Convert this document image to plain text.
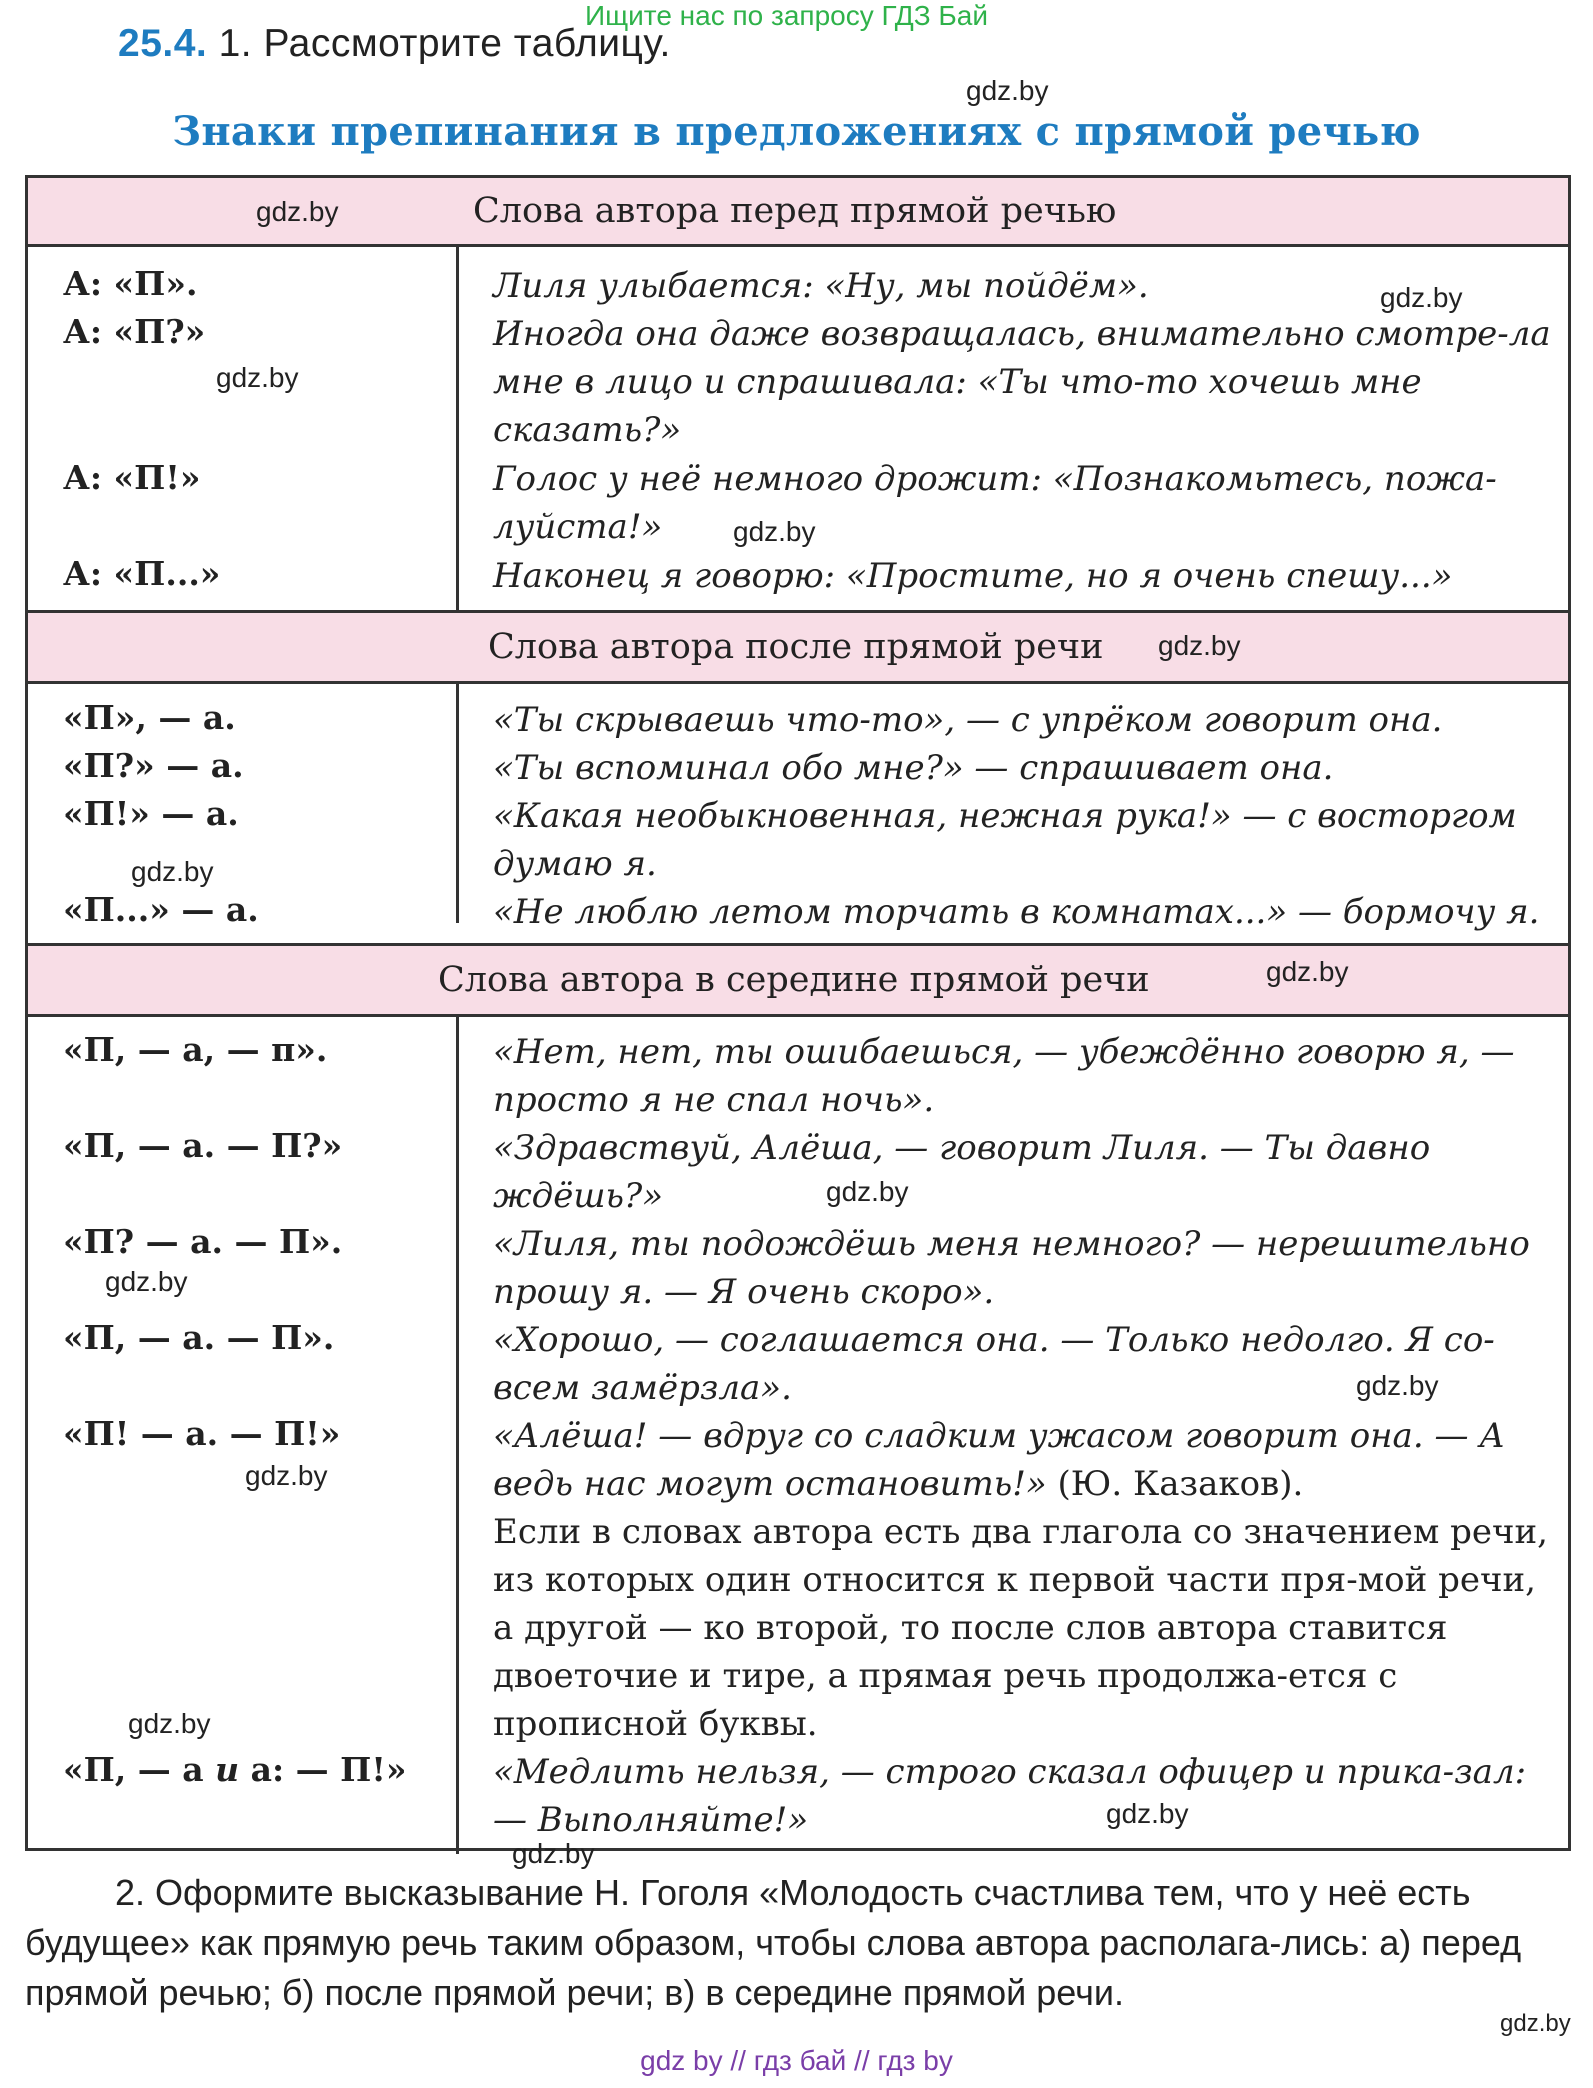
Ищите нас по запросу ГДЗ Бай
25.4. 1. Рассмотрите таблицу.
gdz.by
Знаки препинания в предложениях с прямой речью
Слова автора перед прямой речью
А: «П».
А: «П?»
А: «П!»
А: «П...»
Лиля улыбается: «Ну, мы пойдём».
Иногда она даже возвращалась, внимательно смотре-ла мне в лицо и спрашивала: «Ты что-то хочешь мне сказать?»
Голос у неё немного дрожит: «Познакомьтесь, пожа-луйста!»
Наконец я говорю: «Простите, но я очень спешу...»
Слова автора после прямой речи
«П», — а.
«П?» — а.
«П!» — а.
«П...» — а.
«Ты скрываешь что-то», — с упрёком говорит она.
«Ты вспоминал обо мне?» — спрашивает она.
«Какая необыкновенная, нежная рука!» — с восторгом думаю я.
«Не люблю летом торчать в комнатах...» — бормочу я.
Слова автора в середине прямой речи
«П, — а, — п».
«П, — а. — П?»
«П? — а. — П».
«П, — а. — П».
«П! — а. — П!»
«П, — а и а: — П!»
«Нет, нет, ты ошибаешься, — убеждённо говорю я, — просто я не спал ночь».
«Здравствуй, Алёша, — говорит Лиля. — Ты давно ждёшь?»
«Лиля, ты подождёшь меня немного? — нерешительно прошу я. — Я очень скоро».
«Хорошо, — соглашается она. — Только недолго. Я со-всем замёрзла».
«Алёша! — вдруг со сладким ужасом говорит она. — А ведь нас могут остановить!» (Ю. Казаков).
Если в словах автора есть два глагола со значением речи, из которых один относится к первой части пря-мой речи, а другой — ко второй, то после слов автора ставится двоеточие и тире, а прямая речь продолжа-ется с прописной буквы.
«Медлить нельзя, — строго сказал офицер и прика-зал: — Выполняйте!»
gdz.by
gdz.by
gdz.by
gdz.by
gdz.by
gdz.by
gdz.by
gdz.by
gdz.by
gdz.by
gdz.by
gdz.by
gdz.by
gdz.by
2. Оформите высказывание Н. Гоголя «Молодость счастлива тем, что у неё есть будущее» как прямую речь таким образом, чтобы слова автора располага-лись: а) перед прямой речью; б) после прямой речи; в) в середине прямой речи.
gdz.by
gdz by // гдз бай // гдз by
